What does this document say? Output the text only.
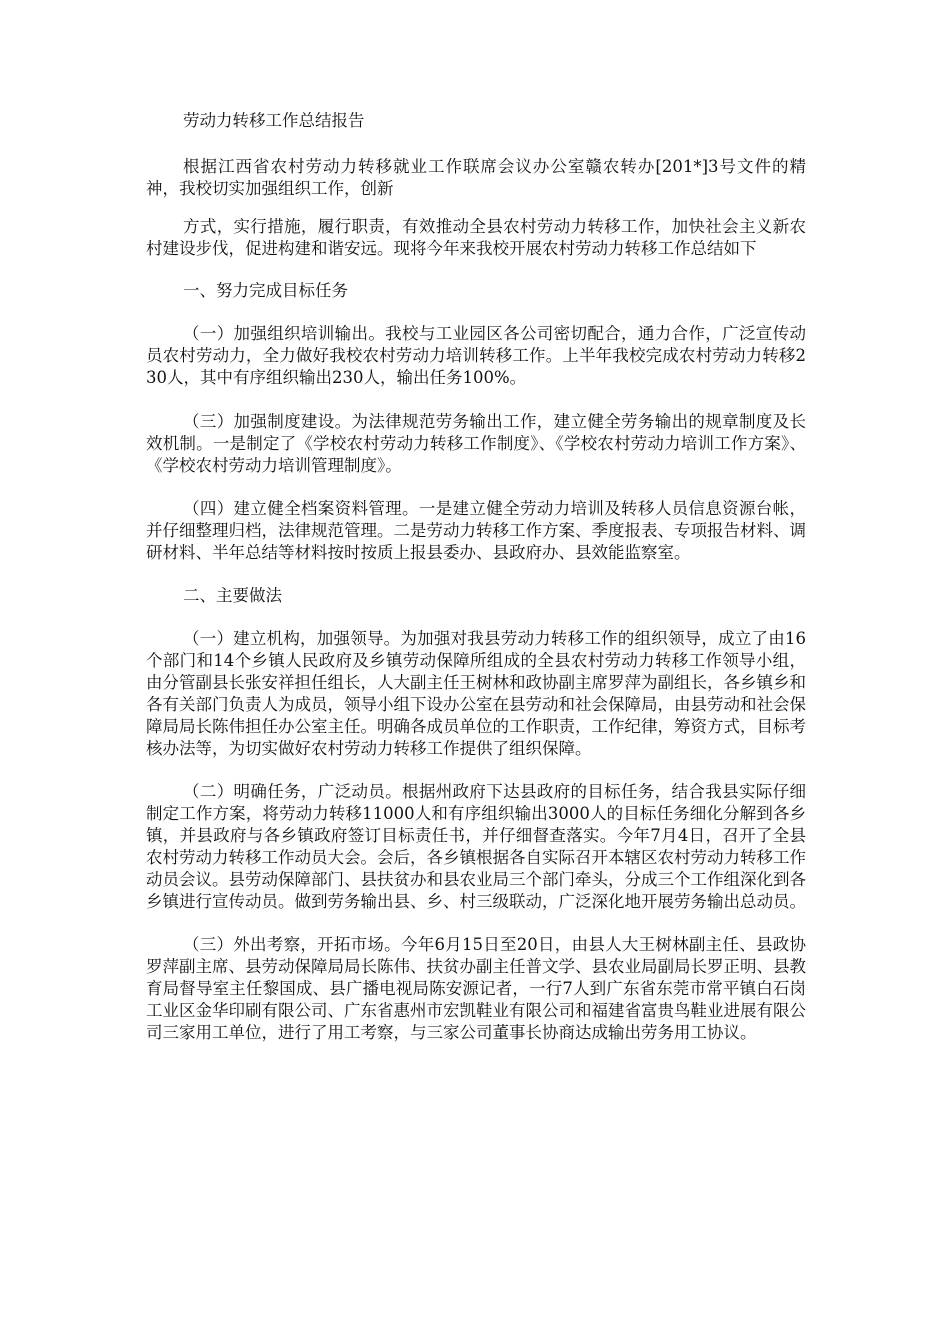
劳动力转移工作总结报告

根据江西省农村劳动力转移就业工作联席会议办公室赣农转办[201*]3号文件的精神，我校切实加强组织工作，创新

方式，实行措施，履行职责，有效推动全县农村劳动力转移工作，加快社会主义新农村建设步伐，促进构建和谐安远。现将今年来我校开展农村劳动力转移工作总结如下

一、努力完成目标任务

（一）加强组织培训输出。我校与工业园区各公司密切配合，通力合作，广泛宣传动员农村劳动力，全力做好我校农村劳动力培训转移工作。上半年我校完成农村劳动力转移230人，其中有序组织输出230人，输出任务100%。

（三）加强制度建设。为法律规范劳务输出工作，建立健全劳务输出的规章制度及长效机制。一是制定了《学校农村劳动力转移工作制度》、《学校农村劳动力培训工作方案》、《学校农村劳动力培训管理制度》。

（四）建立健全档案资料管理。一是建立健全劳动力培训及转移人员信息资源台帐，并仔细整理归档，法律规范管理。二是劳动力转移工作方案、季度报表、专项报告材料、调研材料、半年总结等材料按时按质上报县委办、县政府办、县效能监察室。

二、主要做法

（一）建立机构，加强领导。为加强对我县劳动力转移工作的组织领导，成立了由16个部门和14个乡镇人民政府及乡镇劳动保障所组成的全县农村劳动力转移工作领导小组，由分管副县长张安祥担任组长，人大副主任王树林和政协副主席罗萍为副组长，各乡镇乡和各有关部门负责人为成员，领导小组下设办公室在县劳动和社会保障局，由县劳动和社会保障局局长陈伟担任办公室主任。明确各成员单位的工作职责，工作纪律，筹资方式，目标考核办法等，为切实做好农村劳动力转移工作提供了组织保障。

（二）明确任务，广泛动员。根据州政府下达县政府的目标任务，结合我县实际仔细制定工作方案，将劳动力转移11000人和有序组织输出3000人的目标任务细化分解到各乡镇，并县政府与各乡镇政府签订目标责任书，并仔细督查落实。今年7月4日，召开了全县农村劳动力转移工作动员大会。会后，各乡镇根据各自实际召开本辖区农村劳动力转移工作动员会议。县劳动保障部门、县扶贫办和县农业局三个部门牵头，分成三个工作组深化到各乡镇进行宣传动员。做到劳务输出县、乡、村三级联动，广泛深化地开展劳务输出总动员。

（三）外出考察，开拓市场。今年6月15日至20日，由县人大王树林副主任、县政协罗萍副主席、县劳动保障局局长陈伟、扶贫办副主任普文学、县农业局副局长罗正明、县教育局督导室主任黎国成、县广播电视局陈安源记者，一行7人到广东省东莞市常平镇白石岗工业区金华印刷有限公司、广东省惠州市宏凯鞋业有限公司和福建省富贵鸟鞋业进展有限公司三家用工单位，进行了用工考察，与三家公司董事长协商达成输出劳务用工协议。
